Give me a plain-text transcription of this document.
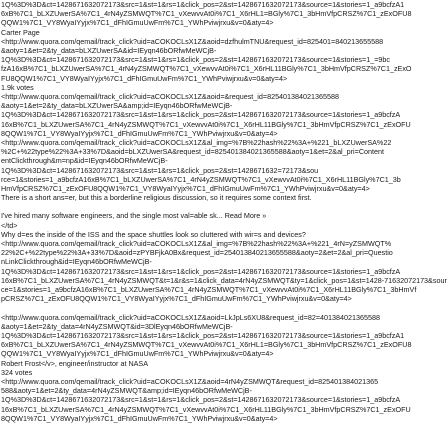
1Q%3D%3D&ct=1428671632072173&src=1&st=1&rs=1&click_pos=2&st=1428671632072173&source=1&stories=1_a9bcfzA1
6xB%7C1_bLXZUwerSA%7C1_4rN4yZSMWQT%7C1_vXewvvAt0i%7C1_X6rHL1=BGly%7C1_3bHmVfpCRSZ%7C1_zExOFU8
QQW1%7C1_VY8WyaIYyjx%7C1_dFhIGmuUwFm%7C1_YWhPviwjrxu&v=0&aty=4>
Carter Page
<http://www.quora.com/qemail/track_click?uid=aCOKOCLsX1Z&aoid=dzfhulmTNU&request_id=825401=840213655588
&aoty=1&et=2&ty_data=bLXZUwerSA&id=IEyqn46bORfwMeWCjB-
1Q%3D%3D&ct=1428671632072173&src=1&st=1&rs=1&click_pos=2&st=1428671632072173&source=1&stories=1_=9bc
fzA16xB%7C1_bLXZUwerSA%7C1_4rN4yZSMWQT%7C1_vXewvvAt0i%7C1_X6rHL11BGly%7C1_3bHmVfpCRSZ%7C1_zExO
FU8QQW1%7C1_VY8WyaIYyjx%7C1_dFhIGmuUwFm%7C1_YWhPviwjrxu&v=0&aty=4>
1.9k votes
<http://www.quora.com/qemail/track_click?uid=aCOKOCLsX1Z&aoid=&request_id=825401384021365588
&aoty=1&et=2&ty_data=bLXZUwerSA&amp;id=IEyqn46bORfwMeWCjB-
1Q%3D%3D&ct=1428671632072173&src=1&st=1&rs=1&click_pos=2&st=1428671632072173&source=1&stories=1_a9bcfzA
16xB%7C1_bLXZUwerSA%7C1_4rN4yZSMWQT%7C1_vXewvvAt0i%7C1_X6rHL11BGly%7C1_3bHmVfpCRSZ%7C1_zExOFU
8QQW1%7C1_VY8WyaIYyjx%7C1_dFhIGmuUwFm%7C1_YWhPviwjrxu&v=0&aty=4>
<http://www.quora.com/qemail/track_click?uid=aCOKOCLsX1Z&al_img=%7B%22hash%22%3A+%221_bLXZUwerSA%22
%2C+%22type%22%3A+33%7D&aoid=bLXZUwerSA&request_id=825401384021365588&aoty=1&et=2&al_pri=Content
entClickthrough&m=np&id=IEyqn46bORfwMeWCjB-
1Q%3D%3D&ct=1428671632072173&src=1&st=1&rs=1&click_pos=2&st=1428671632=72173&sou
rce=1&stories=1_a9bcfzA16xB%7C1_bLXZUwerSA%7C1_4rN4yZSMWQT%7C1_vXewvvAt0i%7C1_X6rHL11BGly%7C1_3b
HmVfpCRSZ%7C1_zExOFU8QQW1%7C1_VY8WyaIYyjx%7C1_dFhIGmuUwFm%7C1_YWhPviwjrxu&v=0&aty=4>
There is a short ans=er, but this a borderline religious discussion, so it requires some context first.
I've hired many software engineers, and the single most val=able sk... Read More »
</td>
Why d=es the inside of the ISS and the space shuttles look so cluttered with wir=s and devices?
<http://www.quora.com/qemail/track_click?uid=aCOKOCLsX1Z&al_img=%7B%22hash%22%3A+%221_4rN=yZSMWQT%
22%2C+%22type%22%3A+33%7D&aoid=zPYBFjkA0Bx&request_id=254013840213655588&aoty=2&et=2&al_pri=Questio
nLinkClickthrough&id=IEyqn46bORfwMeWCjB-
1Q%3D%3D&ct=1428671632072173&src=1&st=1&rs=1&click_pos=2&st=1428671632072173&source=1&stories=1_a9bcfzA
16xB%7C1_bLXZUwerSA%7C1_4rN4yZSMWQT&t=1&r&s=1&click_data=4rN4yZSMWQT&ty=1&click_pos=1&st=1428-71632072173&sour
ce=1&stories=1_a9bcfzA16xB%7C1_bLXZUwerSA%7C1_4rN4yZSMWQT%7C1_vXewvvAt0i%7C1_X6rHL11BGly%7C1_3bHmVf
pCRSZ%7C1_zExOFU8QQW1%7C1_VY8WyaIYyjx%7C1_dFhIGmuUwFm%7C1_YWhPviwjrxu&v=0&aty=4>
<http://www.quora.com/qemail/track_click?uid=aCOKOCLsX1Z&aoid=LkJpLs6XU8&request_id=82=401384021365588
&aoty=1&et=2&ty_data=4rN4yZSMWQT&id=3DlEyqn46bORfwMeWCjB-
1Q%3D%3D&ct=1428671632072173&src=1&st=1&rs=1&click_pos=2&st=1428671632072173&source=1&stories=1_a9bcfzA1
6xB%7C1_bLXZUwerSA%7C1_4rN4yZSMWQT%7C1_vXewvvAt0i%7C1_X6rHL1=BGly%7C1_3bHmVfpCRSZ%7C1_zExOFU8
QQW1%7C1_VY8WyaIYyjx%7C1_dFhIGmuUwFm%7C1_YWhPviwjrxu&v=0&aty=4>
Robert Frost</v>, engineer/instructor at NASA
324 votes
<http://www.quora.com/qemail/track_click?uid=aCOKOCLsX1Z&aoid=4rN4yZSMWQT&request_id=825401384021365
588&aoty=1&et=2&ty_data=4rN4yZSMWQT&amp;id=IEyqn46bORfwMeWCjB-
1Q%3D%3D&ct=1428671632072173&src=1&st=1&rs=1&click_pos=2&st=1428671632072173&source=1&stories=1_a9bcfzA
16xB%7C1_bLXZUwerSA%7C1_4rN4yZSMWQT%7C1_vXewvvAt0i%7C1_X6rHL11BGly%7C1_3bHmVfpCRSZ%7C1_zExOFU
8QQW1%7C1_VY8WyaIYyjx%7C1_dFhIGmuUwFm%7C1_YWhPviwjrxu&v=0&aty=4>
